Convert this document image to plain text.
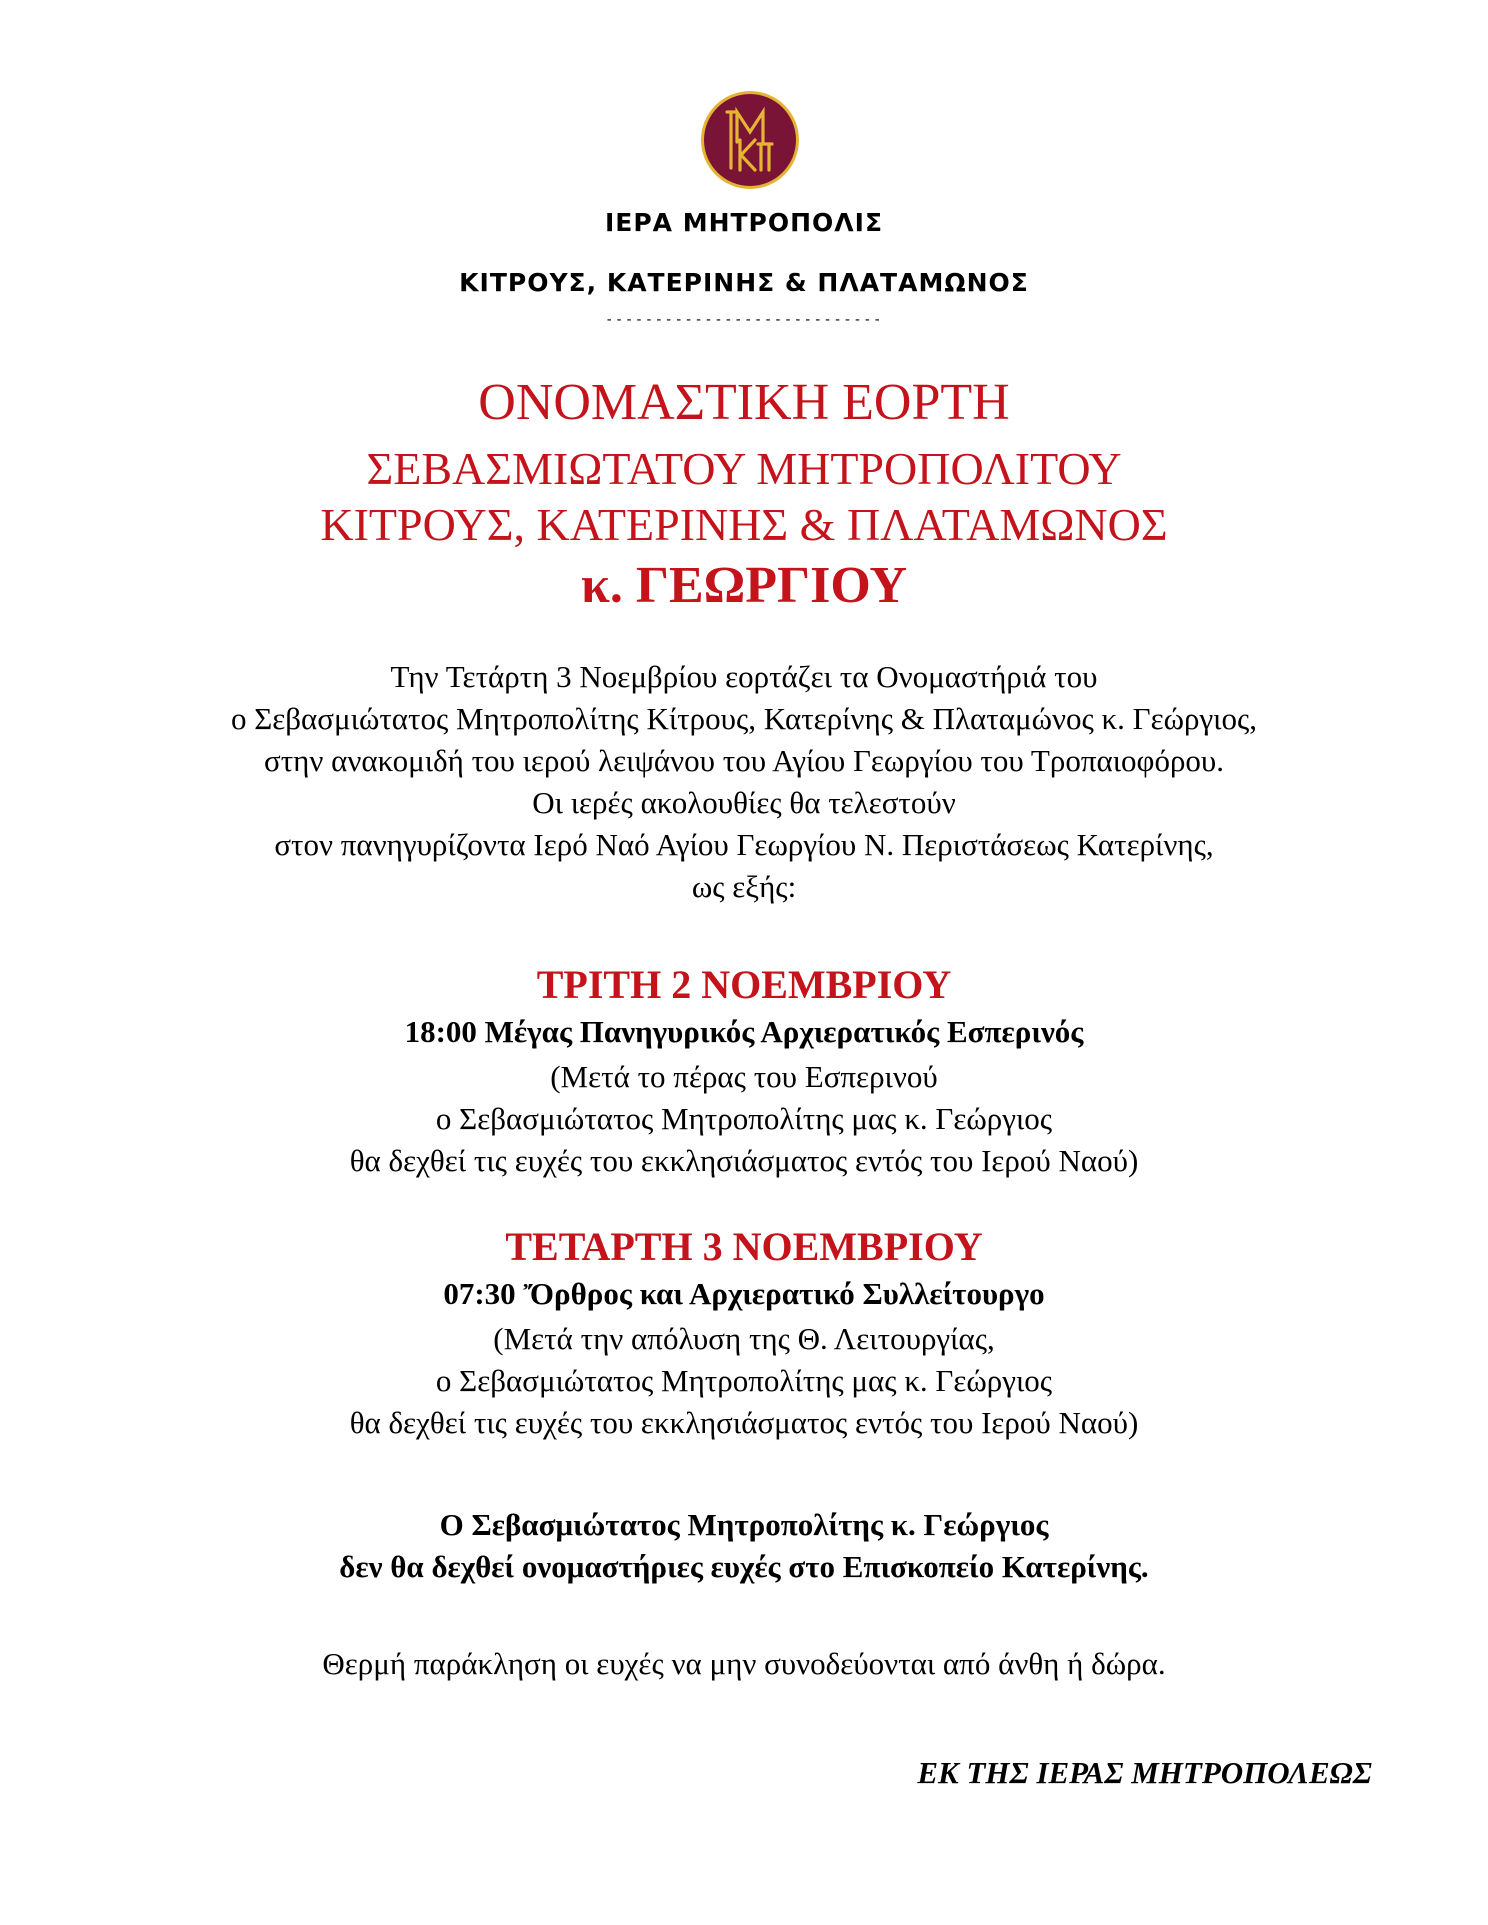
ΙΕΡΑ ΜΗΤΡΟΠΟΛΙΣ

ΚΙΤΡΟΥΣ, ΚΑΤΕΡΙΝΗΣ & ΠΛΑΤΑΜΩΝΟΣ

----------------------------

ΟΝΟΜΑΣΤΙΚΗ ΕΟΡΤΗ

ΣΕΒΑΣΜΙΩΤΑΤΟΥ ΜΗΤΡΟΠΟΛΙΤΟΥ

ΚΙΤΡΟΥΣ, ΚΑΤΕΡΙΝΗΣ & ΠΛΑΤΑΜΩΝΟΣ

κ. ΓΕΩΡΓΙΟΥ

Την Τετάρτη 3 Νοεμβρίου εορτάζει τα Ονομαστήριά του

ο Σεβασμιώτατος Μητροπολίτης Κίτρους, Κατερίνης & Πλαταμώνος κ. Γεώργιος,

στην ανακομιδή του ιερού λειψάνου του Αγίου Γεωργίου του Τροπαιοφόρου.

Οι ιερές ακολουθίες θα τελεστούν

στον πανηγυρίζοντα Ιερό Ναό Αγίου Γεωργίου Ν. Περιστάσεως Κατερίνης,

ως εξής:

ΤΡΙΤΗ 2 ΝΟΕΜΒΡΙΟΥ

18:00 Μέγας Πανηγυρικός Αρχιερατικός Εσπερινός

(Μετά το πέρας του Εσπερινού

ο Σεβασμιώτατος Μητροπολίτης μας κ. Γεώργιος

θα δεχθεί τις ευχές του εκκλησιάσματος εντός του Ιερού Ναού)

ΤΕΤΑΡΤΗ 3 ΝΟΕΜΒΡΙΟΥ

07:30 Ὄρθρος και Αρχιερατικό Συλλείτουργο

(Μετά την απόλυση της Θ. Λειτουργίας,

ο Σεβασμιώτατος Μητροπολίτης μας κ. Γεώργιος

θα δεχθεί τις ευχές του εκκλησιάσματος εντός του Ιερού Ναού)

Ο Σεβασμιώτατος Μητροπολίτης κ. Γεώργιος

δεν θα δεχθεί ονομαστήριες ευχές στο Επισκοπείο Κατερίνης.

Θερμή παράκληση οι ευχές να μην συνοδεύονται από άνθη ή δώρα.

ΕΚ ΤΗΣ ΙΕΡΑΣ ΜΗΤΡΟΠΟΛΕΩΣ
